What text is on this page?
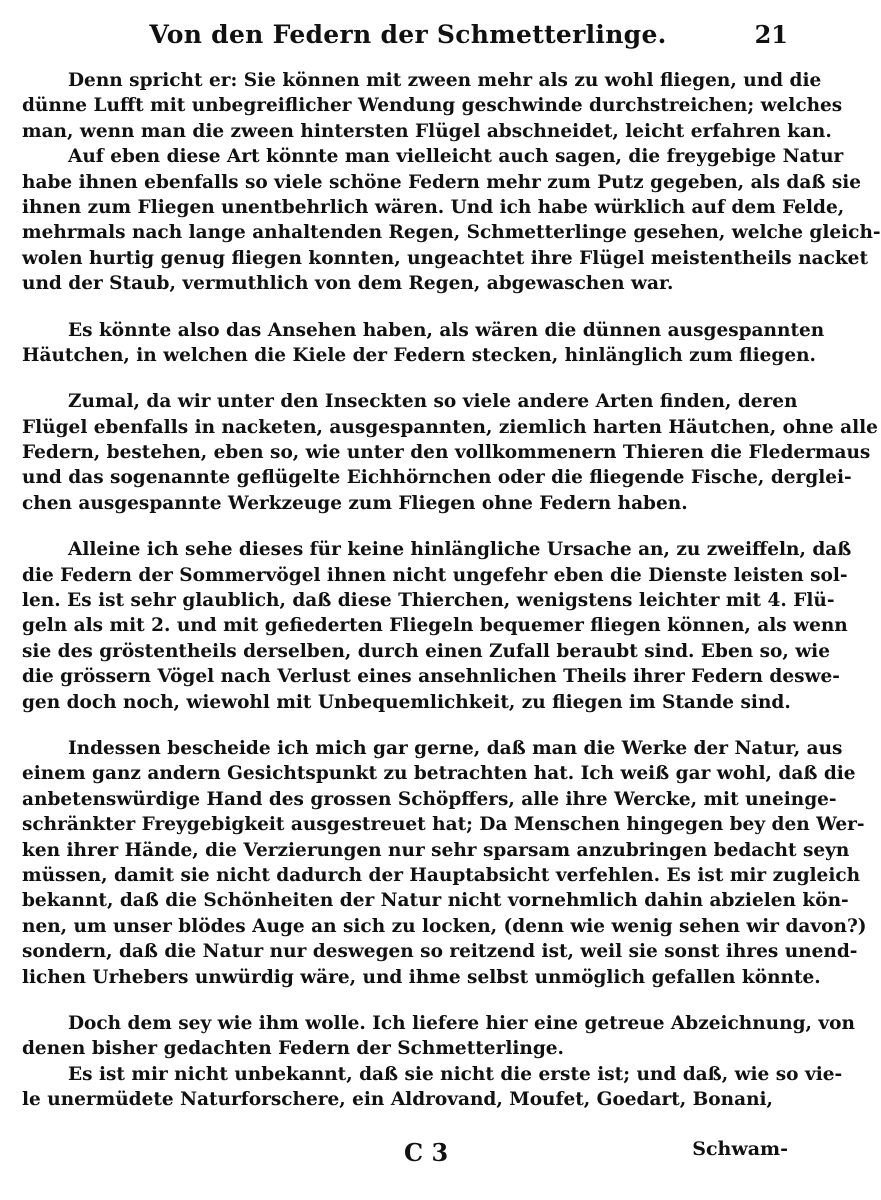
Von den Federn der Schmetterlinge.	21
Denn spricht er: Sie können mit zween mehr als zu wohl fliegen, und die
dünne Lufft mit unbegreiflicher Wendung geschwinde durchstreichen; welches
man, wenn man die zween hintersten Flügel abschneidet, leicht erfahren kan.
Auf eben diese Art könnte man vielleicht auch sagen, die freygebige Natur
habe ihnen ebenfalls so viele schöne Federn mehr zum Putz gegeben, als daß sie
ihnen zum Fliegen unentbehrlich wären. Und ich habe würklich auf dem Felde,
mehrmals nach lange anhaltenden Regen, Schmetterlinge gesehen, welche gleich-
wolen hurtig genug fliegen konnten, ungeachtet ihre Flügel meistentheils nacket
und der Staub, vermuthlich von dem Regen, abgewaschen war.
Es könnte also das Ansehen haben, als wären die dünnen ausgespannten
Häutchen, in welchen die Kiele der Federn stecken, hinlänglich zum fliegen.
Zumal, da wir unter den Inseckten so viele andere Arten finden, deren
Flügel ebenfalls in nacketen, ausgespannten, ziemlich harten Häutchen, ohne alle
Federn, bestehen, eben so, wie unter den vollkommenern Thieren die Fledermaus
und das sogenannte geflügelte Eichhörnchen oder die fliegende Fische, derglei-
chen ausgespannte Werkzeuge zum Fliegen ohne Federn haben.
Alleine ich sehe dieses für keine hinlängliche Ursache an, zu zweiffeln, daß
die Federn der Sommervögel ihnen nicht ungefehr eben die Dienste leisten sol-
len. Es ist sehr glaublich, daß diese Thierchen, wenigstens leichter mit 4. Flü-
geln als mit 2. und mit gefiederten Fliegeln bequemer fliegen können, als wenn
sie des gröstentheils derselben, durch einen Zufall beraubt sind. Eben so, wie
die grössern Vögel nach Verlust eines ansehnlichen Theils ihrer Federn deswe-
gen doch noch, wiewohl mit Unbequemlichkeit, zu fliegen im Stande sind.
Indessen bescheide ich mich gar gerne, daß man die Werke der Natur, aus
einem ganz andern Gesichtspunkt zu betrachten hat. Ich weiß gar wohl, daß die
anbetenswürdige Hand des grossen Schöpffers, alle ihre Wercke, mit uneinge-
schränkter Freygebigkeit ausgestreuet hat; Da Menschen hingegen bey den Wer-
ken ihrer Hände, die Verzierungen nur sehr sparsam anzubringen bedacht seyn
müssen, damit sie nicht dadurch der Hauptabsicht verfehlen. Es ist mir zugleich
bekannt, daß die Schönheiten der Natur nicht vornehmlich dahin abzielen kön-
nen, um unser blödes Auge an sich zu locken, (denn wie wenig sehen wir davon?)
sondern, daß die Natur nur deswegen so reitzend ist, weil sie sonst ihres unend-
lichen Urhebers unwürdig wäre, und ihme selbst unmöglich gefallen könnte.
Doch dem sey wie ihm wolle. Ich liefere hier eine getreue Abzeichnung, von
denen bisher gedachten Federn der Schmetterlinge.
Es ist mir nicht unbekannt, daß sie nicht die erste ist; und daß, wie so vie-
le unermüdete Naturforschere, ein Aldrovand, Moufet, Goedart, Bonani,
C 3	Schwam-
